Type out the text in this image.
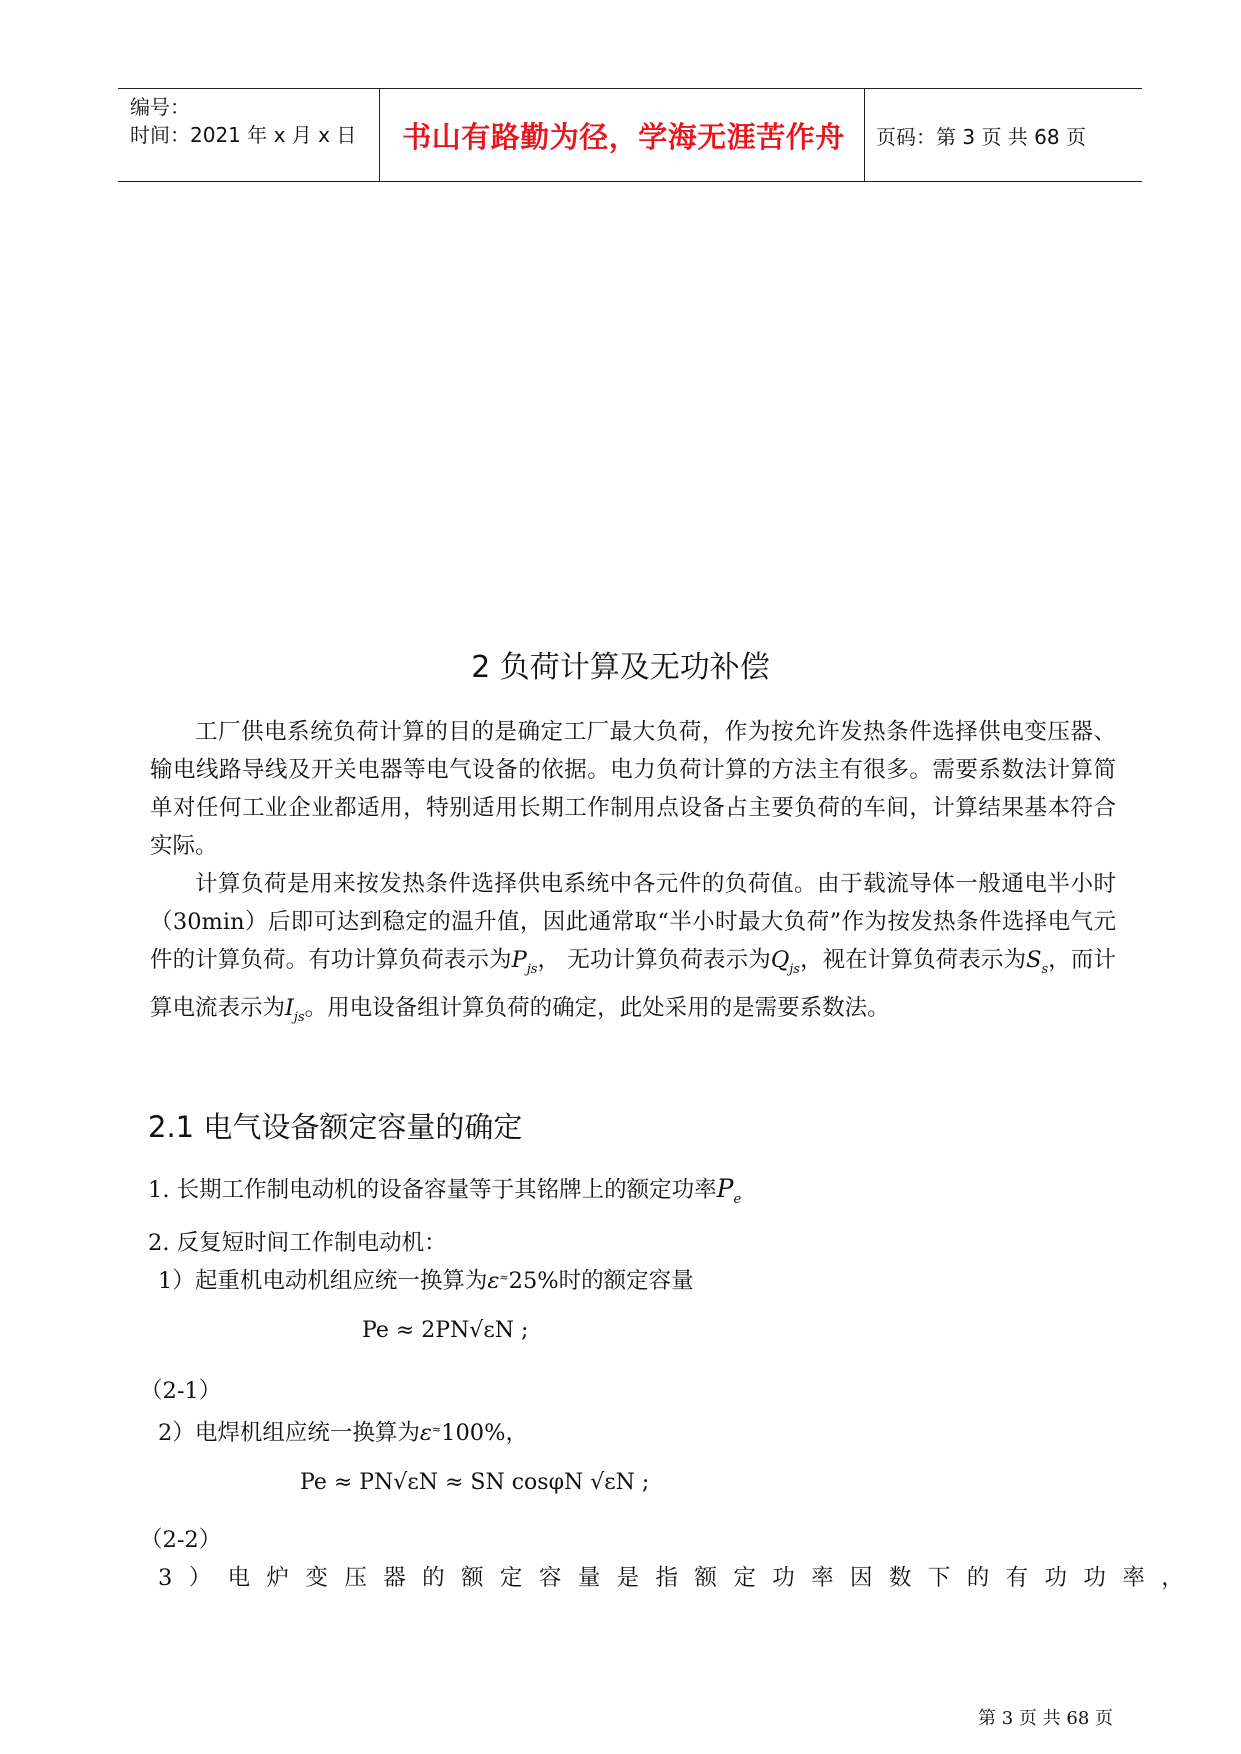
编号：
时间：2021 年 x 月 x 日	书山有路勤为径，学海无涯苦作舟	页码：第 3 页 共 68 页
2 负荷计算及无功补偿

工厂供电系统负荷计算的目的是确定工厂最大负荷，作为按允许发热条件选择供电变压器、输电线路导线及开关电器等电气设备的依据。电力负荷计算的方法主有很多。需要系数法计算简单对任何工业企业都适用，特别适用长期工作制用点设备占主要负荷的车间，计算结果基本符合实际。

计算负荷是用来按发热条件选择供电系统中各元件的负荷值。由于载流导体一般通电半小时（30min）后即可达到稳定的温升值，因此通常取“半小时最大负荷”作为按发热条件选择电气元件的计算负荷。有功计算负荷表示为$P_{js}$， 无功计算负荷表示为$Q_{js}$，视在计算负荷表示为$S_s$，而计算电流表示为$I_{js}$。用电设备组计算负荷的确定，此处采用的是需要系数法。

2.1 电气设备额定容量的确定
1. 长期工作制电动机的设备容量等于其铭牌上的额定功率$P_e$
2. 反复短时间工作制电动机：
1）起重机电动机组应统一换算为ε≈25%时的额定容量
Pe ≈ 2PN√εN ;
（2-1）
2）电焊机组应统一换算为ε≈100%，
Pe ≈ PN√εN ≈ SN cosφN √εN ;
（2-2）
3）电炉变压器的额定容量是指额定功率因数下的有功功率，
第 3 页 共 68 页
